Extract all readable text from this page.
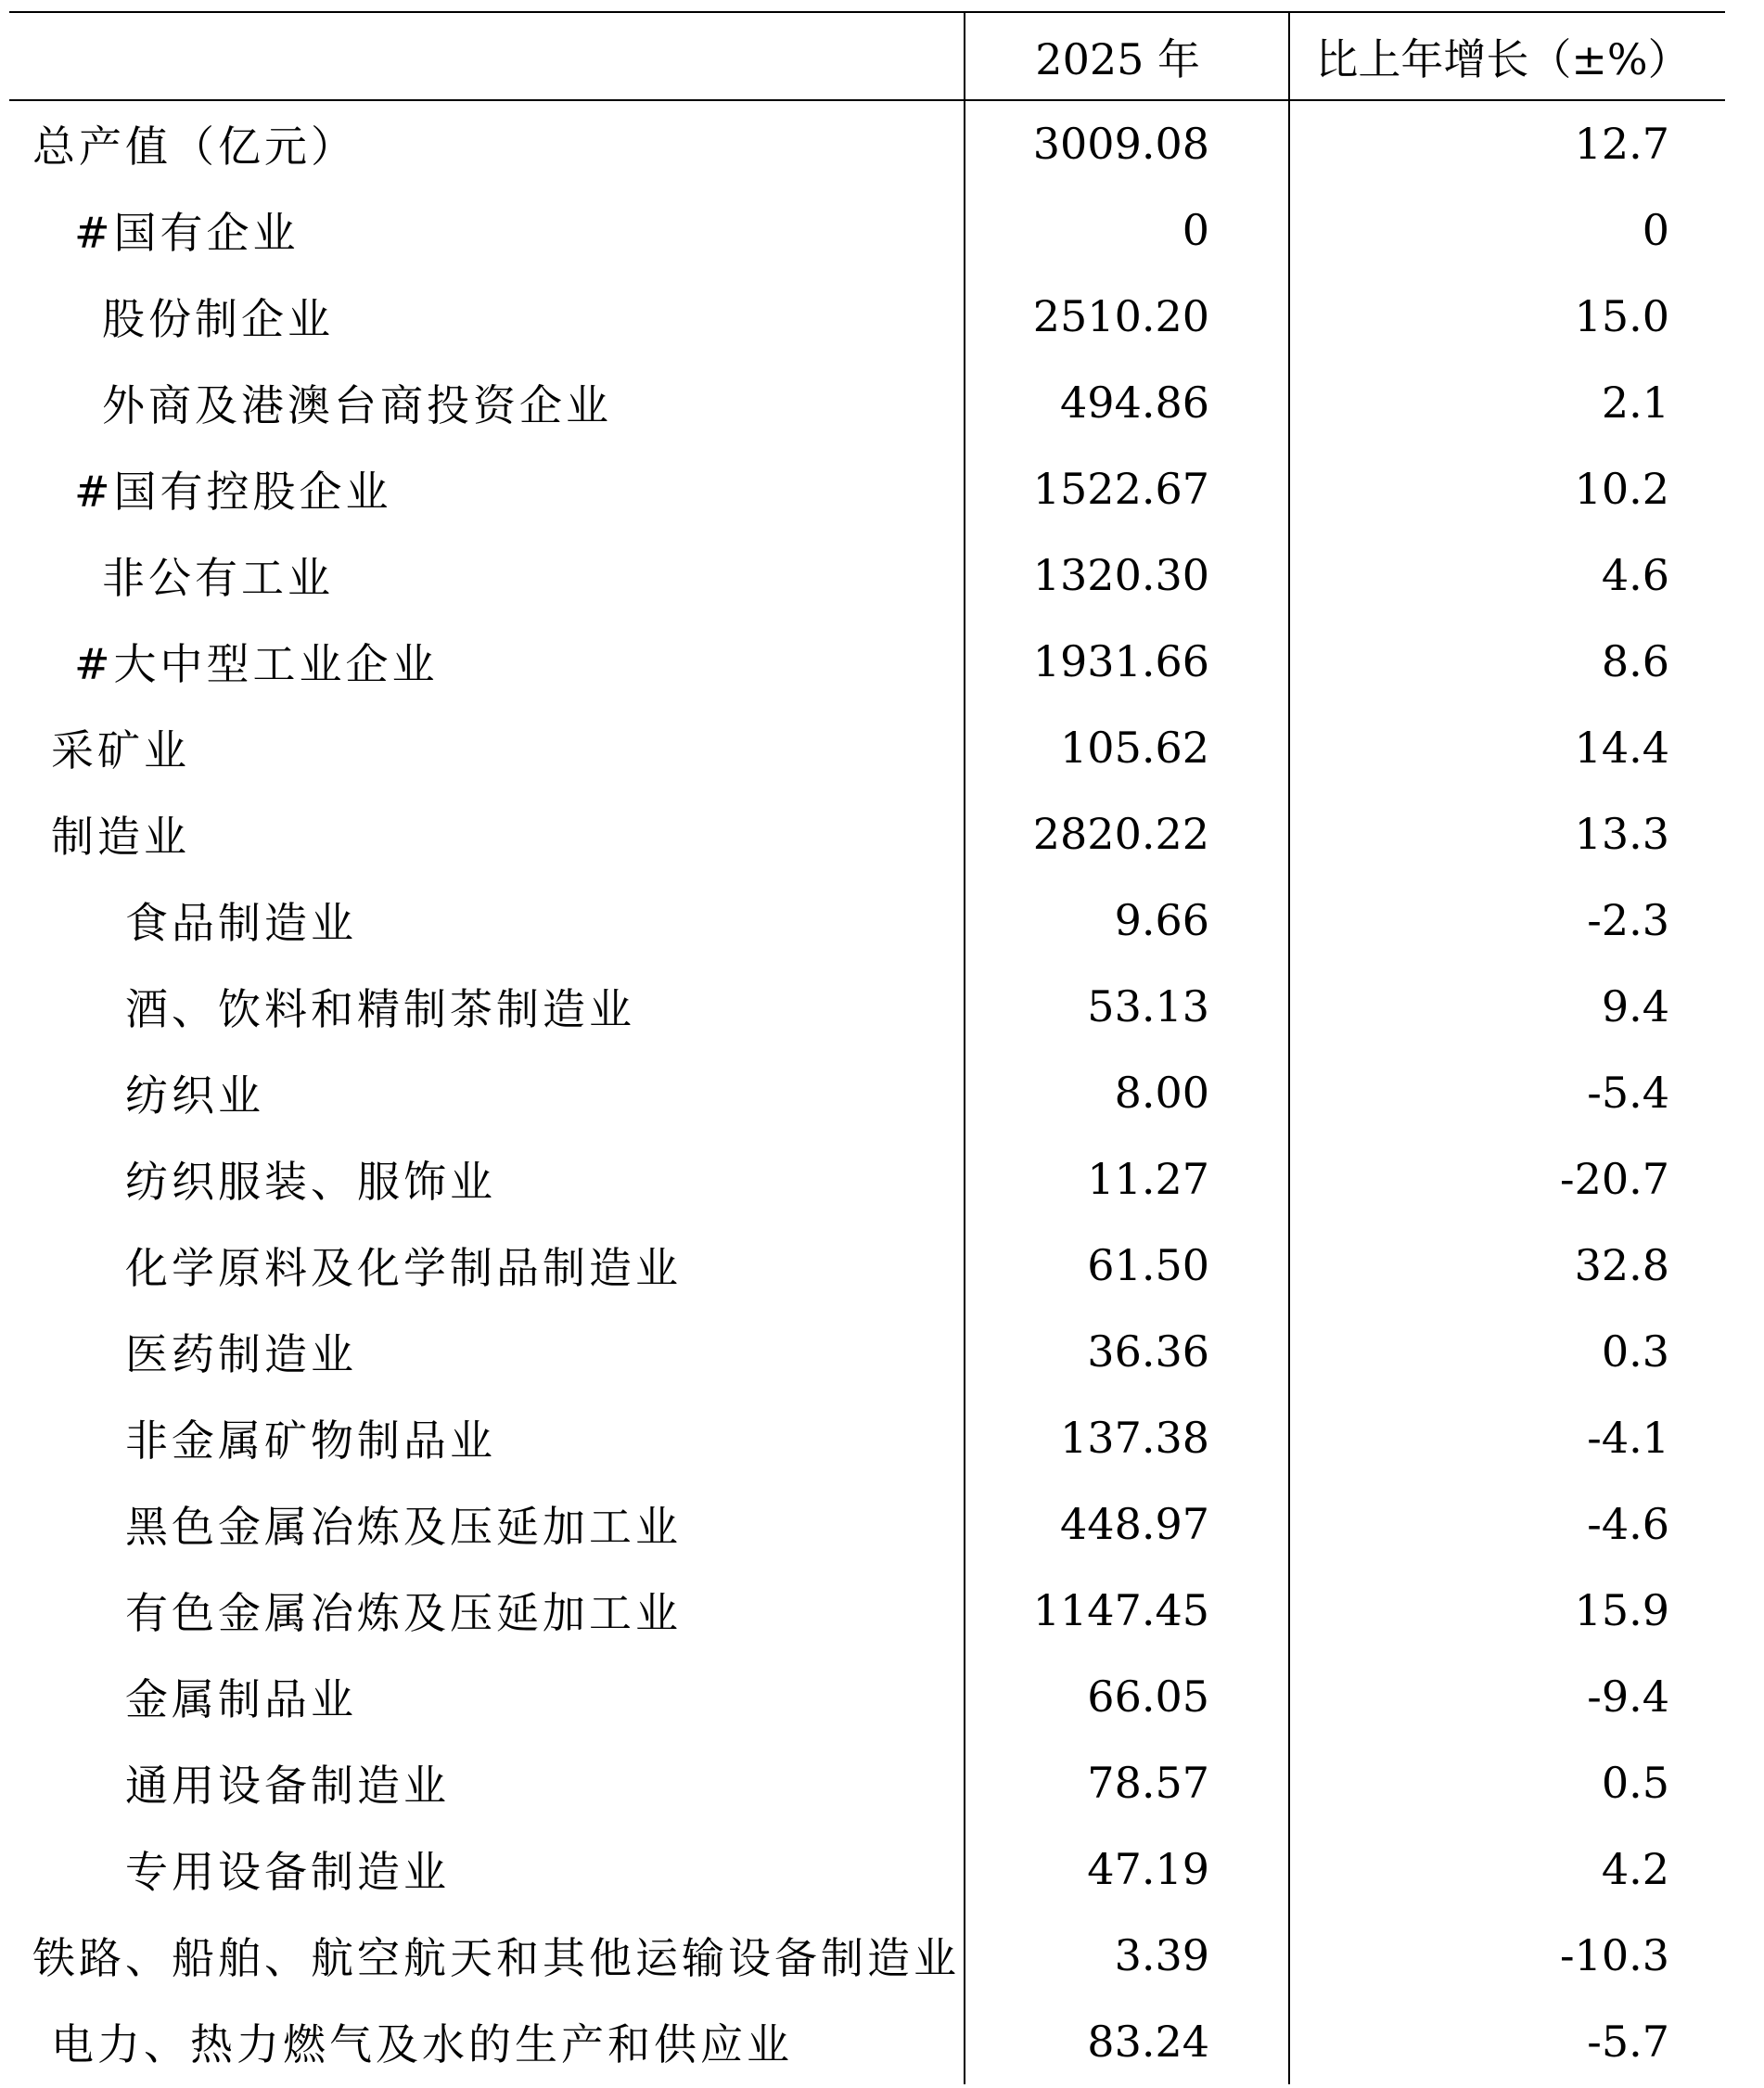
	2025 年	比上年增长（±%）
总产值（亿元）	3009.08	12.7
#国有企业	0	0
股份制企业	2510.20	15.0
外商及港澳台商投资企业	494.86	2.1
#国有控股企业	1522.67	10.2
非公有工业	1320.30	4.6
#大中型工业企业	1931.66	8.6
采矿业	105.62	14.4
制造业	2820.22	13.3
食品制造业	9.66	-2.3
酒、饮料和精制茶制造业	53.13	9.4
纺织业	8.00	-5.4
纺织服装、服饰业	11.27	-20.7
化学原料及化学制品制造业	61.50	32.8
医药制造业	36.36	0.3
非金属矿物制品业	137.38	-4.1
黑色金属冶炼及压延加工业	448.97	-4.6
有色金属冶炼及压延加工业	1147.45	15.9
金属制品业	66.05	-9.4
通用设备制造业	78.57	0.5
专用设备制造业	47.19	4.2
铁路、船舶、航空航天和其他运输设备制造业	3.39	-10.3
电力、热力燃气及水的生产和供应业	83.24	-5.7
